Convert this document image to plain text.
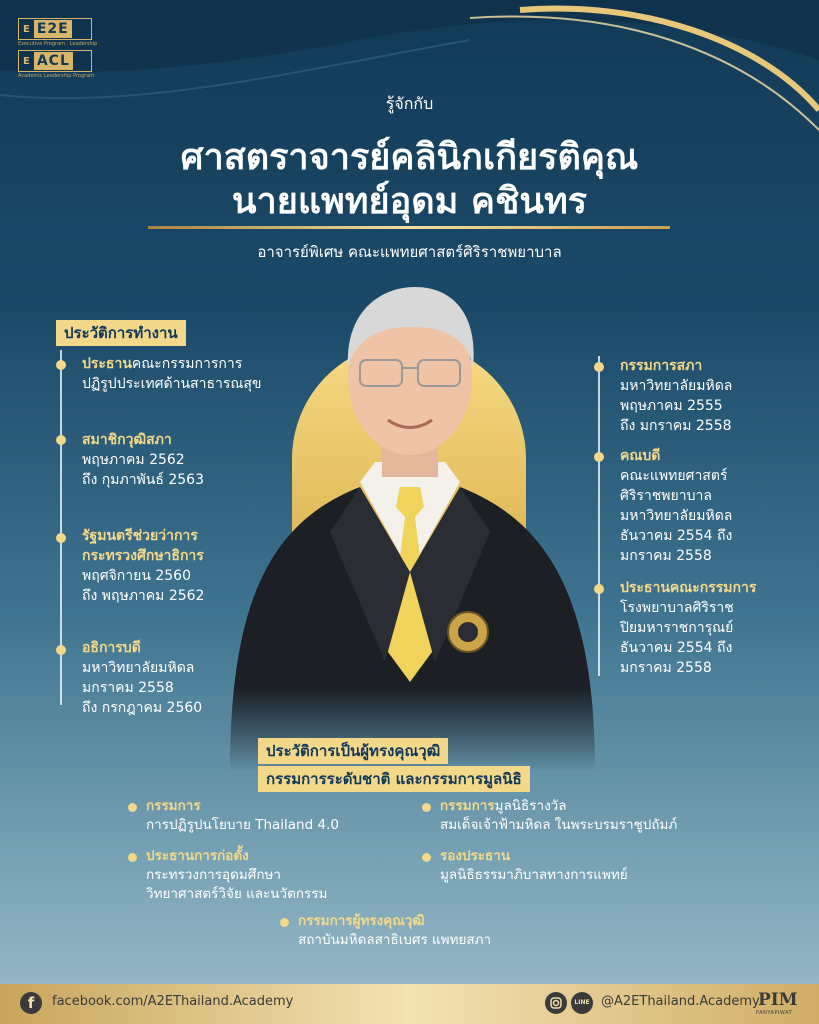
E E2E
Executive Program · Leadership
E ACL
Academic Leadership Program
รู้จักกับ
ศาสตราจารย์คลินิกเกียรติคุณ
นายแพทย์อุดม คชินทร
อาจารย์พิเศษ คณะแพทยศาสตร์ศิริราชพยาบาล
ประวัติการทำงาน
ประธานคณะกรรมการการ
ปฏิรูปประเทศด้านสาธารณสุข
สมาชิกวุฒิสภา
พฤษภาคม 2562
ถึง กุมภาพันธ์ 2563
รัฐมนตรีช่วยว่าการ
กระทรวงศึกษาธิการ
พฤศจิกายน 2560
ถึง พฤษภาคม 2562
อธิการบดี
มหาวิทยาลัยมหิดล
มกราคม 2558
ถึง กรกฎาคม 2560
กรรมการสภา
มหาวิทยาลัยมหิดล
พฤษภาคม 2555
ถึง มกราคม 2558
คณบดี
คณะแพทยศาสตร์
ศิริราชพยาบาล
มหาวิทยาลัยมหิดล
ธันวาคม 2554 ถึง
มกราคม 2558
ประธานคณะกรรมการ
โรงพยาบาลศิริราช
ปิยมหาราชการุณย์
ธันวาคม 2554 ถึง
มกราคม 2558
ประวัติการเป็นผู้ทรงคุณวุฒิ
กรรมการระดับชาติ และกรรมการมูลนิธิ
กรรมการ
การปฏิรูปนโยบาย Thailand 4.0
กรรมการมูลนิธิรางวัล
สมเด็จเจ้าฟ้ามหิดล ในพระบรมราชูปถัมภ์
ประธานการก่อตั้ง
กระทรวงการอุดมศึกษา
วิทยาศาสตร์วิจัย และนวัตกรรม
รองประธาน
มูลนิธิธรรมาภิบาลทางการแพทย์
กรรมการผู้ทรงคุณวุฒิ
สถาบันมหิดลสาธิเบศร แพทยสภา
f	facebook.com/A2EThailand.Academy	LINE @A2EThailand.Academy
PIM
PANYAPIWAT
